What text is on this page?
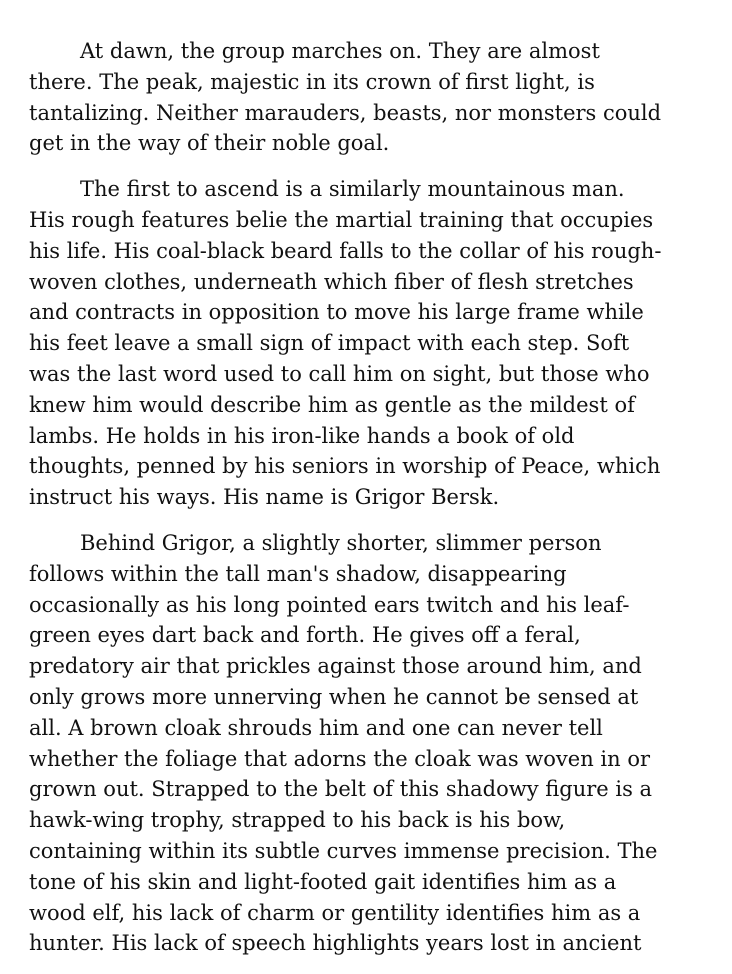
At dawn, the group marches on. They are almost
there. The peak, majestic in its crown of first light, is
tantalizing. Neither marauders, beasts, nor monsters could
get in the way of their noble goal.
The first to ascend is a similarly mountainous man.
His rough features belie the martial training that occupies
his life. His coal-black beard falls to the collar of his rough-
woven clothes, underneath which fiber of flesh stretches
and contracts in opposition to move his large frame while
his feet leave a small sign of impact with each step. Soft
was the last word used to call him on sight, but those who
knew him would describe him as gentle as the mildest of
lambs. He holds in his iron-like hands a book of old
thoughts, penned by his seniors in worship of Peace, which
instruct his ways. His name is Grigor Bersk.
Behind Grigor, a slightly shorter, slimmer person
follows within the tall man's shadow, disappearing
occasionally as his long pointed ears twitch and his leaf-
green eyes dart back and forth. He gives off a feral,
predatory air that prickles against those around him, and
only grows more unnerving when he cannot be sensed at
all. A brown cloak shrouds him and one can never tell
whether the foliage that adorns the cloak was woven in or
grown out. Strapped to the belt of this shadowy figure is a
hawk-wing trophy, strapped to his back is his bow,
containing within its subtle curves immense precision. The
tone of his skin and light-footed gait identifies him as a
wood elf, his lack of charm or gentility identifies him as a
hunter. His lack of speech highlights years lost in ancient
